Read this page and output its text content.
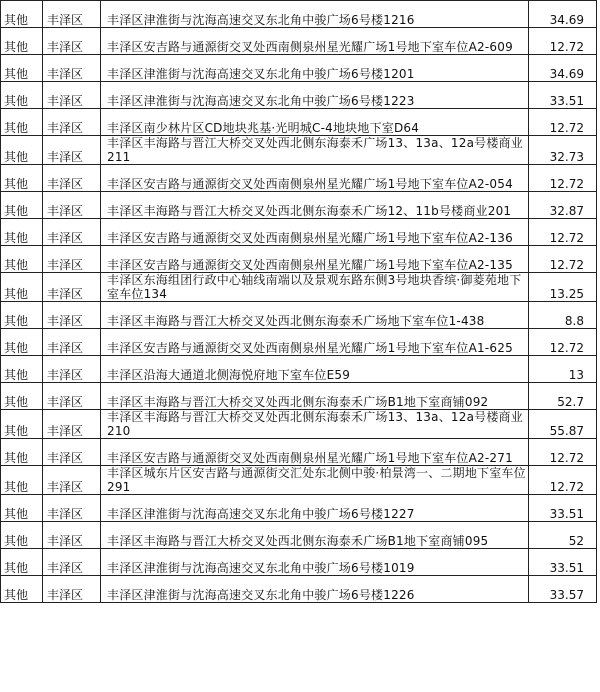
其他	丰泽区	丰泽区津淮街与沈海高速交叉东北角中骏广场6号楼1216	34.69
其他	丰泽区	丰泽区安吉路与通源街交叉处西南侧泉州星光耀广场1号地下室车位A2-609	12.72
其他	丰泽区	丰泽区津淮街与沈海高速交叉东北角中骏广场6号楼1201	34.69
其他	丰泽区	丰泽区津淮街与沈海高速交叉东北角中骏广场6号楼1223	33.51
其他	丰泽区	丰泽区南少林片区CD地块兆基·光明城C-4地块地下室D64	12.72
其他	丰泽区	丰泽区丰海路与晋江大桥交叉处西北侧东海泰禾广场13、13a、12a号楼商业211	32.73
其他	丰泽区	丰泽区安吉路与通源街交叉处西南侧泉州星光耀广场1号地下室车位A2-054	12.72
其他	丰泽区	丰泽区丰海路与晋江大桥交叉处西北侧东海泰禾广场12、11b号楼商业201	32.87
其他	丰泽区	丰泽区安吉路与通源街交叉处西南侧泉州星光耀广场1号地下室车位A2-136	12.72
其他	丰泽区	丰泽区安吉路与通源街交叉处西南侧泉州星光耀广场1号地下室车位A2-135	12.72
其他	丰泽区	丰泽区东海组团行政中心轴线南端以及景观东路东侧3号地块香缤·御菱苑地下室车位134	13.25
其他	丰泽区	丰泽区丰海路与晋江大桥交叉处西北侧东海泰禾广场地下室车位1-438	8.8
其他	丰泽区	丰泽区安吉路与通源街交叉处西南侧泉州星光耀广场1号地下室车位A1-625	12.72
其他	丰泽区	丰泽区沿海大通道北侧海悦府地下室车位E59	13
其他	丰泽区	丰泽区丰海路与晋江大桥交叉处西北侧东海泰禾广场B1地下室商铺092	52.7
其他	丰泽区	丰泽区丰海路与晋江大桥交叉处西北侧东海泰禾广场13、13a、12a号楼商业210	55.87
其他	丰泽区	丰泽区安吉路与通源街交叉处西南侧泉州星光耀广场1号地下室车位A2-271	12.72
其他	丰泽区	丰泽区城东片区安吉路与通源街交汇处东北侧中骏·柏景湾一、二期地下室车位291	12.72
其他	丰泽区	丰泽区津淮街与沈海高速交叉东北角中骏广场6号楼1227	33.51
其他	丰泽区	丰泽区丰海路与晋江大桥交叉处西北侧东海泰禾广场B1地下室商铺095	52
其他	丰泽区	丰泽区津淮街与沈海高速交叉东北角中骏广场6号楼1019	33.51
其他	丰泽区	丰泽区津淮街与沈海高速交叉东北角中骏广场6号楼1226	33.57
